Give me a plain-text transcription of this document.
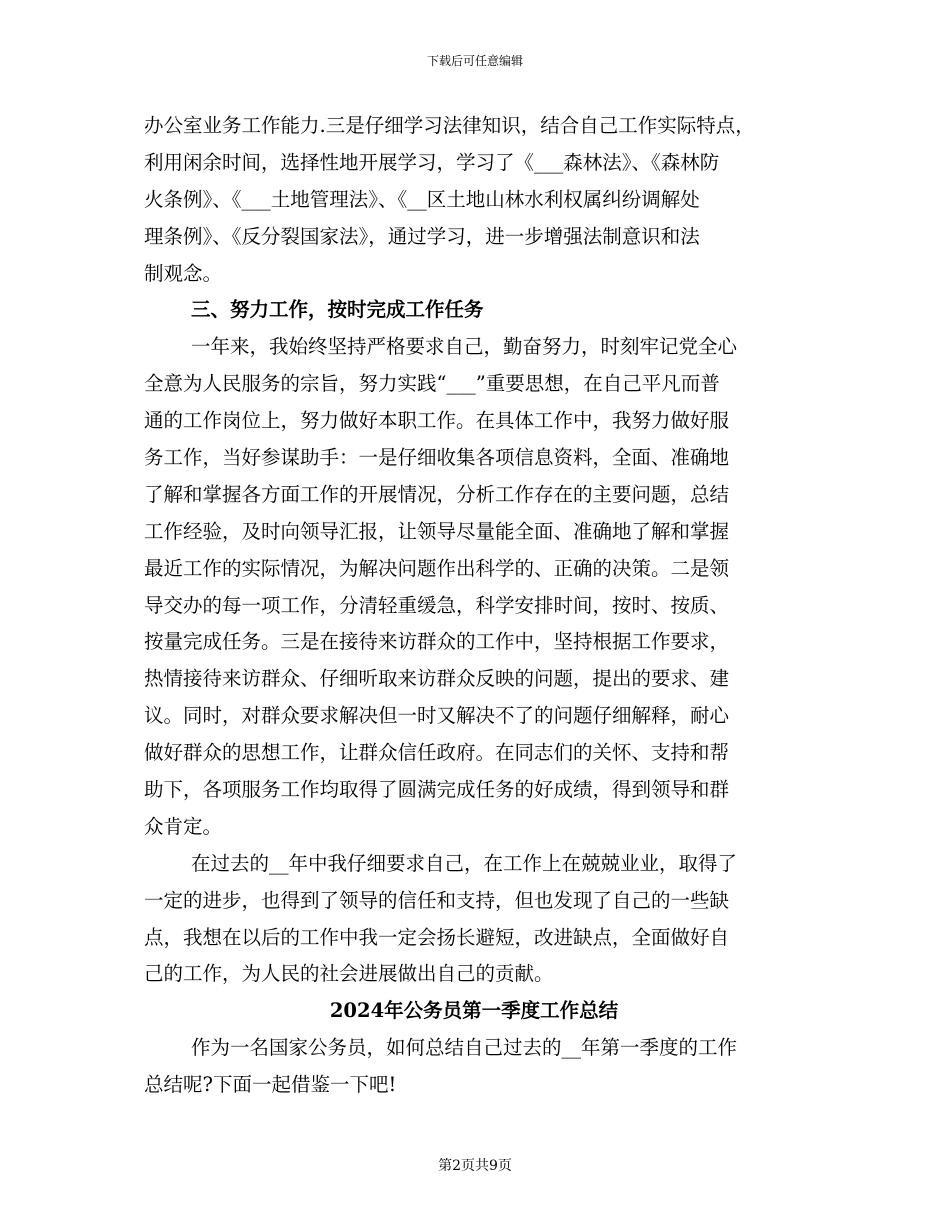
下载后可任意编辑
办公室业务工作能力.三是仔细学习法律知识，结合自己工作实际特点，
利用闲余时间，选择性地开展学习，学习了《___森林法》、《森林防
火条例》、《___土地管理法》、《__区土地山林水利权属纠纷调解处
理条例》、《反分裂国家法》，通过学习，进一步增强法制意识和法
制观念。
三、努力工作，按时完成工作任务
一年来，我始终坚持严格要求自己，勤奋努力，时刻牢记党全心
全意为人民服务的宗旨，努力实践“___”重要思想，在自己平凡而普
通的工作岗位上，努力做好本职工作。在具体工作中，我努力做好服
务工作，当好参谋助手：一是仔细收集各项信息资料，全面、准确地
了解和掌握各方面工作的开展情况，分析工作存在的主要问题，总结
工作经验，及时向领导汇报，让领导尽量能全面、准确地了解和掌握
最近工作的实际情况，为解决问题作出科学的、正确的决策。二是领
导交办的每一项工作，分清轻重缓急，科学安排时间，按时、按质、
按量完成任务。三是在接待来访群众的工作中，坚持根据工作要求，
热情接待来访群众、仔细听取来访群众反映的问题，提出的要求、建
议。同时，对群众要求解决但一时又解决不了的问题仔细解释，耐心
做好群众的思想工作，让群众信任政府。在同志们的关怀、支持和帮
助下，各项服务工作均取得了圆满完成任务的好成绩，得到领导和群
众肯定。
在过去的__年中我仔细要求自己，在工作上在兢兢业业，取得了
一定的进步，也得到了领导的信任和支持，但也发现了自己的一些缺
点，我想在以后的工作中我一定会扬长避短，改进缺点，全面做好自
己的工作，为人民的社会进展做出自己的贡献。
2024年公务员第一季度工作总结
作为一名国家公务员，如何总结自己过去的__年第一季度的工作
总结呢?下面一起借鉴一下吧!
第2页共9页
